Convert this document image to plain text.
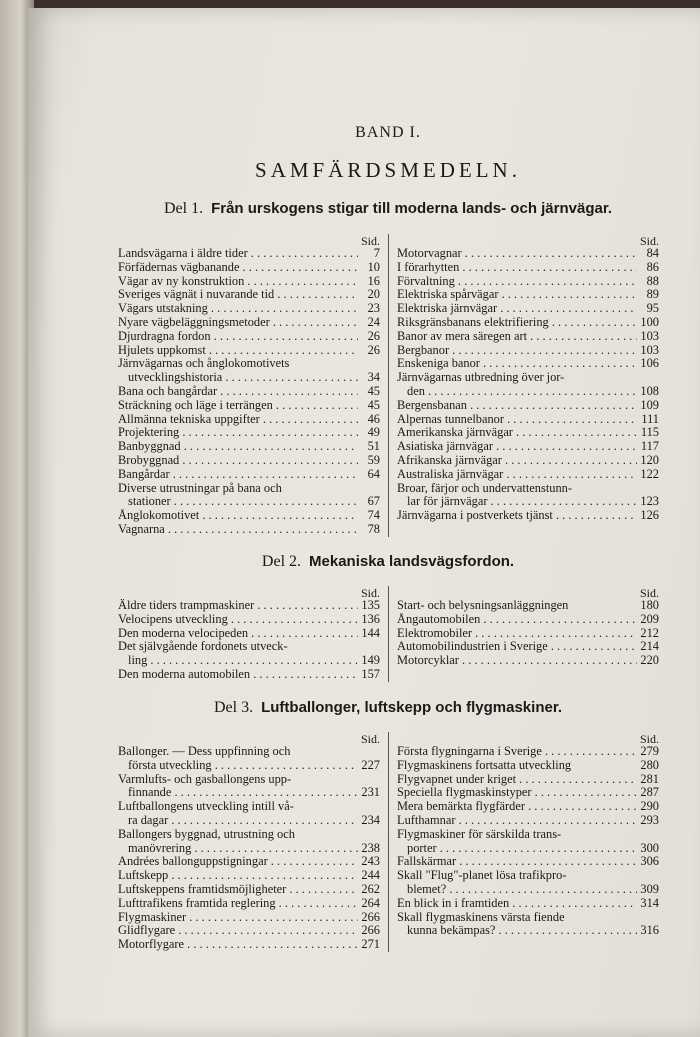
BAND I.
SAMFÄRDSMEDELN.
Del 1. Från urskogens stigar till moderna lands- och järnvägar.
Sid.
Landsvägarna i äldre tider . . .	7
Förfädernas vägbanande . . .	10
Vägar av ny konstruktion . . .	16
Sveriges vägnät i nuvarande tid . . .	20
Vägars utstakning . . .	23
Nyare vägbeläggningsmetoder . . .	24
Djurdragna fordon . . .	26
Hjulets uppkomst . . .	26
Järnvägarnas och ånglokomotivets
utvecklingshistoria . . .	34
Bana och bangårdar . . .	45
Sträckning och läge i terrängen . . .	45
Allmänna tekniska uppgifter . . .	46
Projektering . . .	49
Banbyggnad . . .	51
Brobyggnad . . .	59
Bangårdar . . .	64
Diverse utrustningar på bana och
stationer . . .	67
Ånglokomotivet . . .	74
Vagnarna . . .	78
Sid.
Motorvagnar . . .	84
I förarhytten . . .	86
Förvaltning . . .	88
Elektriska spårvägar . . .	89
Elektriska järnvägar . . .	95
Riksgränsbanans elektrifiering . . .	100
Banor av mera säregen art . . .	103
Bergbanor . . .	103
Enskeniga banor . . .	106
Järnvägarnas utbredning över jor-
den . . .	108
Bergensbanan . . .	109
Alpernas tunnelbanor . . .	111
Amerikanska järnvägar . . .	115
Asiatiska järnvägar . . .	117
Afrikanska järnvägar . . .	120
Australiska järnvägar . . .	122
Broar, färjor och undervattenstunn-
lar för järnvägar . . .	123
Järnvägarna i postverkets tjänst . . .	126
Del 2. Mekaniska landsvägsfordon.
Sid.
Äldre tiders trampmaskiner . . .	135
Velocipens utveckling . . .	136
Den moderna velocipeden . . .	144
Det självgående fordonets utveck-
ling . . .	149
Den moderna automobilen . . .	157
Sid.
Start- och belysningsanläggningen	180
Ångautomobilen . . .	209
Elektromobiler . . .	212
Automobilindustrien i Sverige . . .	214
Motorcyklar . . .	220
Del 3. Luftballonger, luftskepp och flygmaskiner.
Sid.
Ballonger. — Dess uppfinning och
första utveckling . . .	227
Varmlufts- och gasballongens upp-
finnande . . .	231
Luftballongens utveckling intill vå-
ra dagar . . .	234
Ballongers byggnad, utrustning och
manövrering . . .	238
Andrées ballonguppstigningar . . .	243
Luftskepp . . .	244
Luftskeppens framtidsmöjligheter . . .	262
Lufttrafikens framtida reglering . . .	264
Flygmaskiner . . .	266
Glidflygare . . .	266
Motorflygare . . .	271
Sid.
Första flygningarna i Sverige . . .	279
Flygmaskinens fortsatta utveckling	280
Flygvapnet under kriget . . .	281
Speciella flygmaskinstyper . . .	287
Mera bemärkta flygfärder . . .	290
Lufthamnar . . .	293
Flygmaskiner för särskilda trans-
porter . . .	300
Fallskärmar . . .	306
Skall "Flug"-planet lösa trafikpro-
blemet? . . .	309
En blick in i framtiden . . .	314
Skall flygmaskinens värsta fiende
kunna bekämpas? . . .	316
